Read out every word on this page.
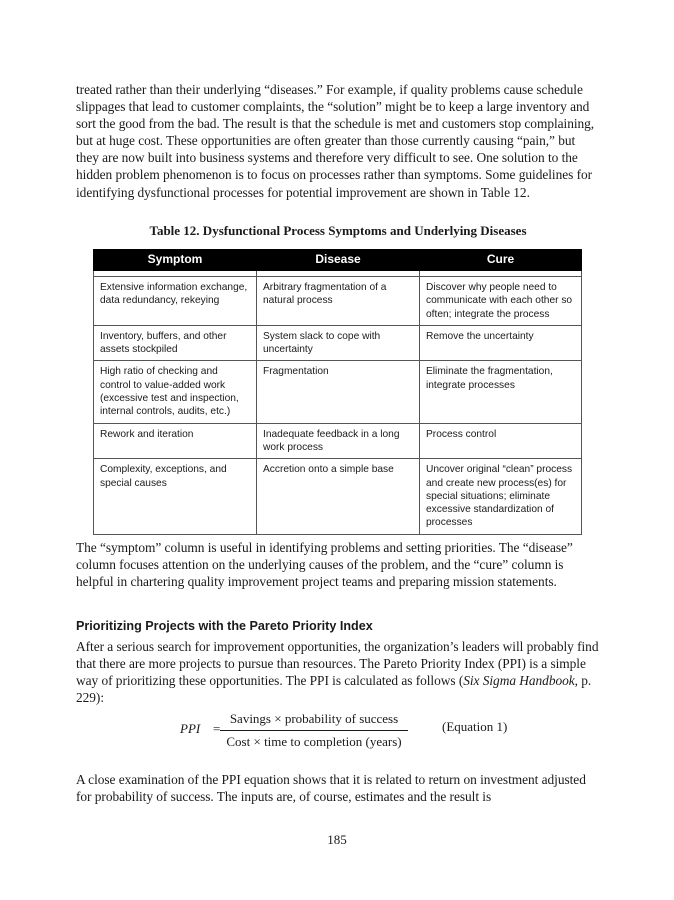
treated rather than their underlying “diseases.” For example, if quality problems cause schedule slippages that lead to customer complaints, the “solution” might be to keep a large inventory and sort the good from the bad. The result is that the schedule is met and customers stop complaining, but at huge cost. These opportunities are often greater than those currently causing “pain,” but they are now built into business systems and therefore very difficult to see. One solution to the hidden problem phenomenon is to focus on processes rather than symptoms. Some guidelines for identifying dysfunctional processes for potential improvement are shown in Table 12.

Table 12. Dysfunctional Process Symptoms and Underlying Diseases

Symptom	Disease	Cure

Extensive information exchange, data redundancy, rekeying	Arbitrary fragmentation of a natural process	Discover why people need to communicate with each other so often; integrate the process
Inventory, buffers, and other assets stockpiled	System slack to cope with uncertainty	Remove the uncertainty
High ratio of checking and control to value-added work (excessive test and inspection, internal controls, audits, etc.)	Fragmentation	Eliminate the fragmentation, integrate processes
Rework and iteration	Inadequate feedback in a long work process	Process control
Complexity, exceptions, and special causes	Accretion onto a simple base	Uncover original “clean” process and create new process(es) for special situations; eliminate excessive standardization of processes

The “symptom” column is useful in identifying problems and setting priorities. The “disease” column focuses attention on the underlying causes of the problem, and the “cure” column is helpful in chartering quality improvement project teams and preparing mission statements.

Prioritizing Projects with the Pareto Priority Index

After a serious search for improvement opportunities, the organization’s leaders will probably find that there are more projects to pursue than resources. The Pareto Priority Index (PPI) is a simple way of prioritizing these opportunities. The PPI is calculated as follows (Six Sigma Handbook, p. 229):

PPI =
Savings × probability of success
Cost × time to completion (years)
(Equation 1)

A close examination of the PPI equation shows that it is related to return on investment adjusted for probability of success. The inputs are, of course, estimates and the result is

185
